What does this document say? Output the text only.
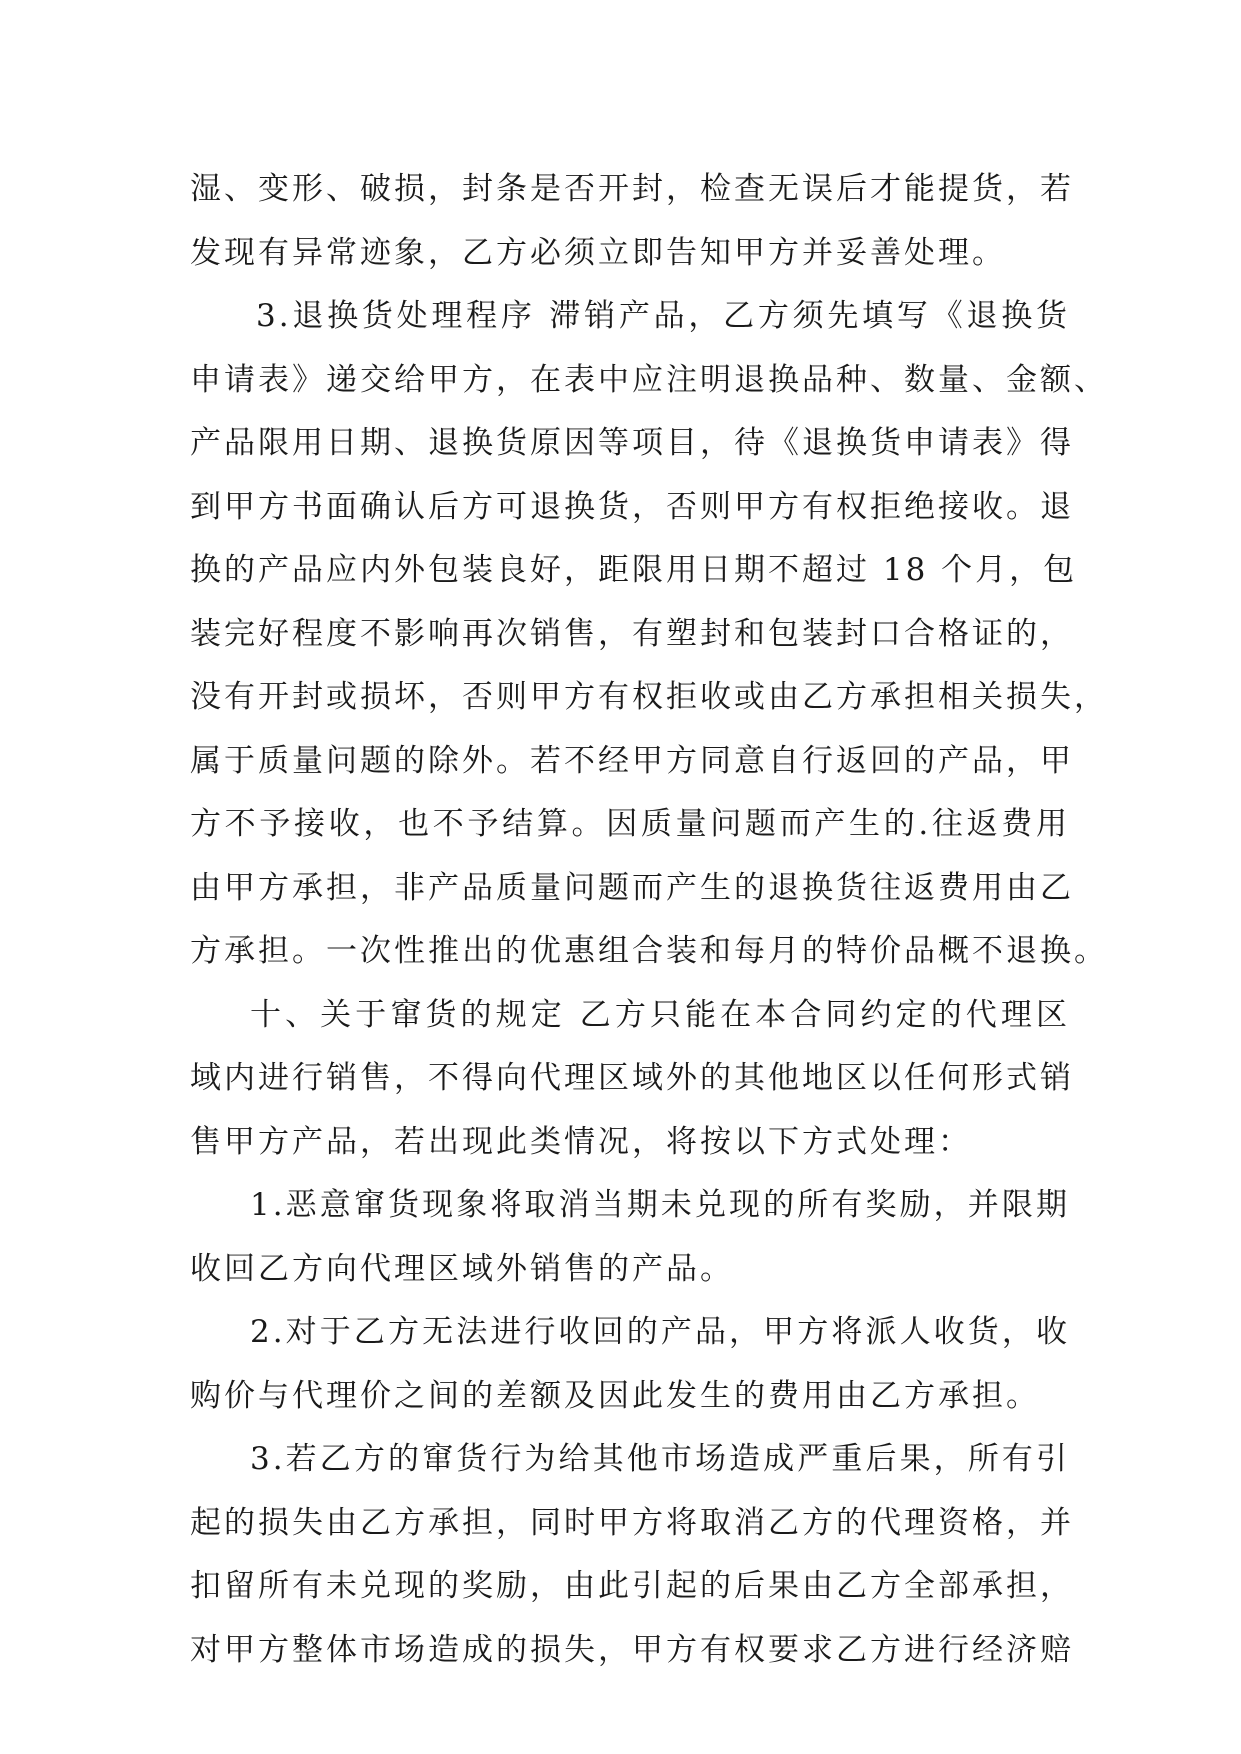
湿、变形、破损，封条是否开封，检查无误后才能提货，若
发现有异常迹象，乙方必须立即告知甲方并妥善处理。
3.退换货处理程序 滞销产品，乙方须先填写《退换货
申请表》递交给甲方，在表中应注明退换品种、数量、金额、
产品限用日期、退换货原因等项目，待《退换货申请表》得
到甲方书面确认后方可退换货，否则甲方有权拒绝接收。退
换的产品应内外包装良好，距限用日期不超过 18 个月，包
装完好程度不影响再次销售，有塑封和包装封口合格证的，
没有开封或损坏，否则甲方有权拒收或由乙方承担相关损失，
属于质量问题的除外。若不经甲方同意自行返回的产品，甲
方不予接收，也不予结算。因质量问题而产生的.往返费用
由甲方承担，非产品质量问题而产生的退换货往返费用由乙
方承担。一次性推出的优惠组合装和每月的特价品概不退换。
十、关于窜货的规定 乙方只能在本合同约定的代理区
域内进行销售，不得向代理区域外的其他地区以任何形式销
售甲方产品，若出现此类情况，将按以下方式处理：
1.恶意窜货现象将取消当期未兑现的所有奖励，并限期
收回乙方向代理区域外销售的产品。
2.对于乙方无法进行收回的产品，甲方将派人收货，收
购价与代理价之间的差额及因此发生的费用由乙方承担。
3.若乙方的窜货行为给其他市场造成严重后果，所有引
起的损失由乙方承担，同时甲方将取消乙方的代理资格，并
扣留所有未兑现的奖励，由此引起的后果由乙方全部承担，
对甲方整体市场造成的损失，甲方有权要求乙方进行经济赔
